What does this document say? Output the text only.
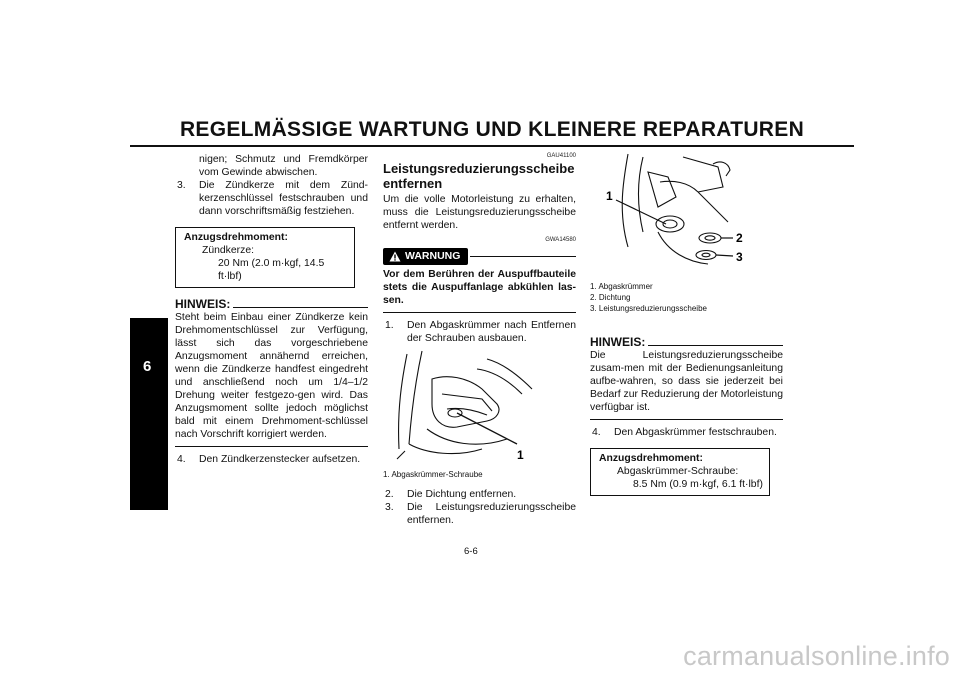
REGELMÄSSIGE WARTUNG UND KLEINERE REPARATUREN
6
nigen; Schmutz und Fremdkörper vom Gewinde abwischen.
3.	Die Zündkerze mit dem Zünd-kerzenschlüssel festschrauben und dann vorschriftsmäßig festziehen.
Anzugsdrehmoment:
Zündkerze:
20 Nm (2.0 m·kgf, 14.5 ft·lbf)
HINWEIS:
Steht beim Einbau einer Zündkerze kein Drehmomentschlüssel zur Verfügung, lässt sich das vorgeschriebene Anzugsmoment annähernd erreichen, wenn die Zündkerze handfest eingedreht und anschließend noch um 1/4–1/2 Drehung weiter festgezo-gen wird. Das Anzugsmoment sollte jedoch möglichst bald mit einem Drehmoment-schlüssel nach Vorschrift korrigiert werden.
4.	Den Zündkerzenstecker aufsetzen.
GAU41100
Leistungsreduzierungsscheibe entfernen
Um die volle Motorleistung zu erhalten, muss die Leistungsreduzierungsscheibe entfernt werden.
GWA14580
WARNUNG
Vor dem Berühren der Auspuffbauteile stets die Auspuffanlage abkühlen las-sen.
1.	Den Abgaskrümmer nach Entfernen der Schrauben ausbauen.
1
1. Abgaskrümmer-Schraube
2.	Die Dichtung entfernen.
3.	Die Leistungsreduzierungsscheibe entfernen.
1
2
3
1. Abgaskrümmer
2. Dichtung
3. Leistungsreduzierungsscheibe
HINWEIS:
Die Leistungsreduzierungsscheibe zusam-men mit der Bedienungsanleitung aufbe-wahren, so dass sie jederzeit bei Bedarf zur Reduzierung der Motorleistung verfügbar ist.
4.	Den Abgaskrümmer festschrauben.
Anzugsdrehmoment:
Abgaskrümmer-Schraube:
8.5 Nm (0.9 m·kgf, 6.1 ft·lbf)
6-6
carmanualsonline.info
